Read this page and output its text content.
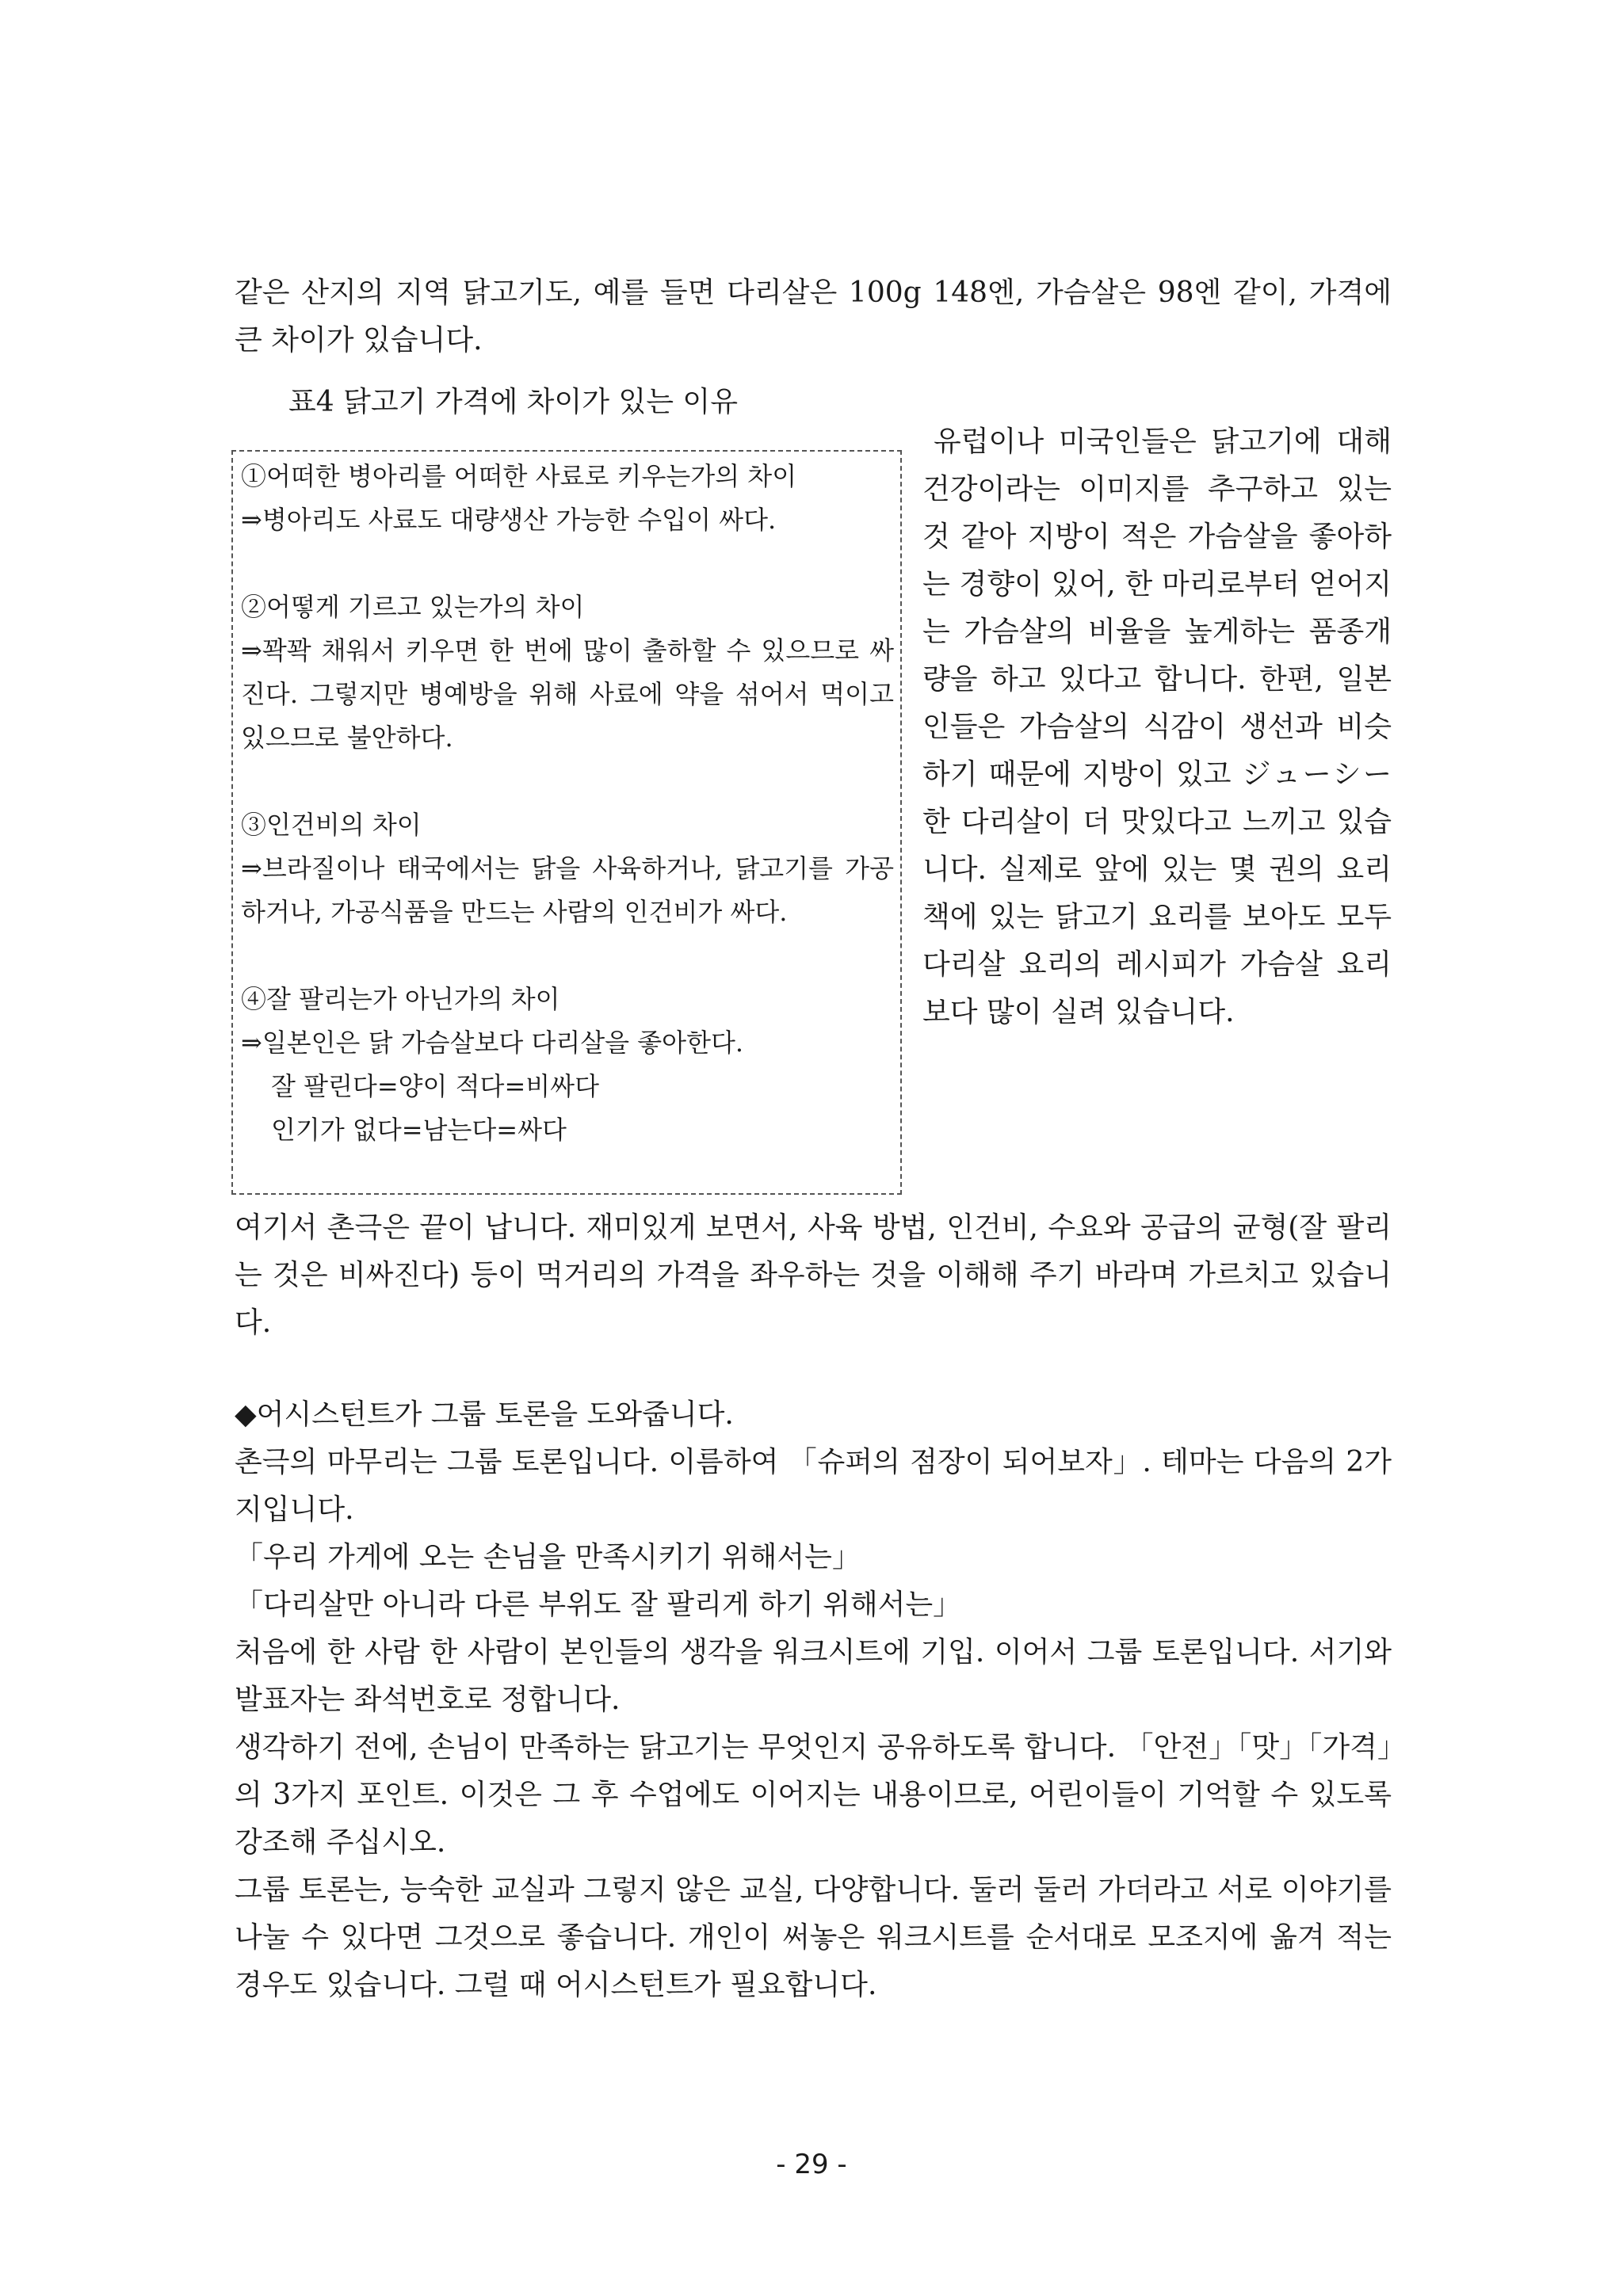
같은 산지의 지역 닭고기도, 예를 들면 다리살은 100g 148엔, 가슴살은 98엔 같이, 가격에 큰 차이가 있습니다.

표4 닭고기 가격에 차이가 있는 이유
①어떠한 병아리를 어떠한 사료로 키우는가의 차이
⇒병아리도 사료도 대량생산 가능한 수입이 싸다.
②어떻게 기르고 있는가의 차이
⇒꽉꽉 채워서 키우면 한 번에 많이 출하할 수 있으므로 싸진다. 그렇지만 병예방을 위해 사료에 약을 섞어서 먹이고 있으므로 불안하다.
③인건비의 차이
⇒브라질이나 태국에서는 닭을 사육하거나, 닭고기를 가공하거나, 가공식품을 만드는 사람의 인건비가 싸다.
④잘 팔리는가 아닌가의 차이
⇒일본인은 닭 가슴살보다 다리살을 좋아한다.
잘 팔린다=양이 적다=비싸다
인기가 없다=남는다=싸다

유럽이나 미국인들은 닭고기에 대해 건강이라는 이미지를 추구하고 있는 것 같아 지방이 적은 가슴살을 좋아하는 경향이 있어, 한 마리로부터 얻어지는 가슴살의 비율을 높게하는 품종개량을 하고 있다고 합니다. 한편, 일본인들은 가슴살의 식감이 생선과 비슷하기 때문에 지방이 있고 ジューシー 한 다리살이 더 맛있다고 느끼고 있습니다. 실제로 앞에 있는 몇 권의 요리책에 있는 닭고기 요리를 보아도 모두 다리살 요리의 레시피가 가슴살 요리보다 많이 실려 있습니다.

여기서 촌극은 끝이 납니다. 재미있게 보면서, 사육 방법, 인건비, 수요와 공급의 균형(잘 팔리는 것은 비싸진다) 등이 먹거리의 가격을 좌우하는 것을 이해해 주기 바라며 가르치고 있습니다.

◆어시스턴트가 그룹 토론을 도와줍니다.

촌극의 마무리는 그룹 토론입니다. 이름하여 「슈퍼의 점장이 되어보자」. 테마는 다음의 2가지입니다.

「우리 가게에 오는 손님을 만족시키기 위해서는」

「다리살만 아니라 다른 부위도 잘 팔리게 하기 위해서는」

처음에 한 사람 한 사람이 본인들의 생각을 워크시트에 기입. 이어서 그룹 토론입니다. 서기와 발표자는 좌석번호로 정합니다.

생각하기 전에, 손님이 만족하는 닭고기는 무엇인지 공유하도록 합니다. 「안전」「맛」「가격」의 3가지 포인트. 이것은 그 후 수업에도 이어지는 내용이므로, 어린이들이 기억할 수 있도록 강조해 주십시오.

그룹 토론는, 능숙한 교실과 그렇지 않은 교실, 다양합니다. 둘러 둘러 가더라고 서로 이야기를 나눌 수 있다면 그것으로 좋습니다. 개인이 써놓은 워크시트를 순서대로 모조지에 옮겨 적는 경우도 있습니다. 그럴 때 어시스턴트가 필요합니다.

- 29 -
